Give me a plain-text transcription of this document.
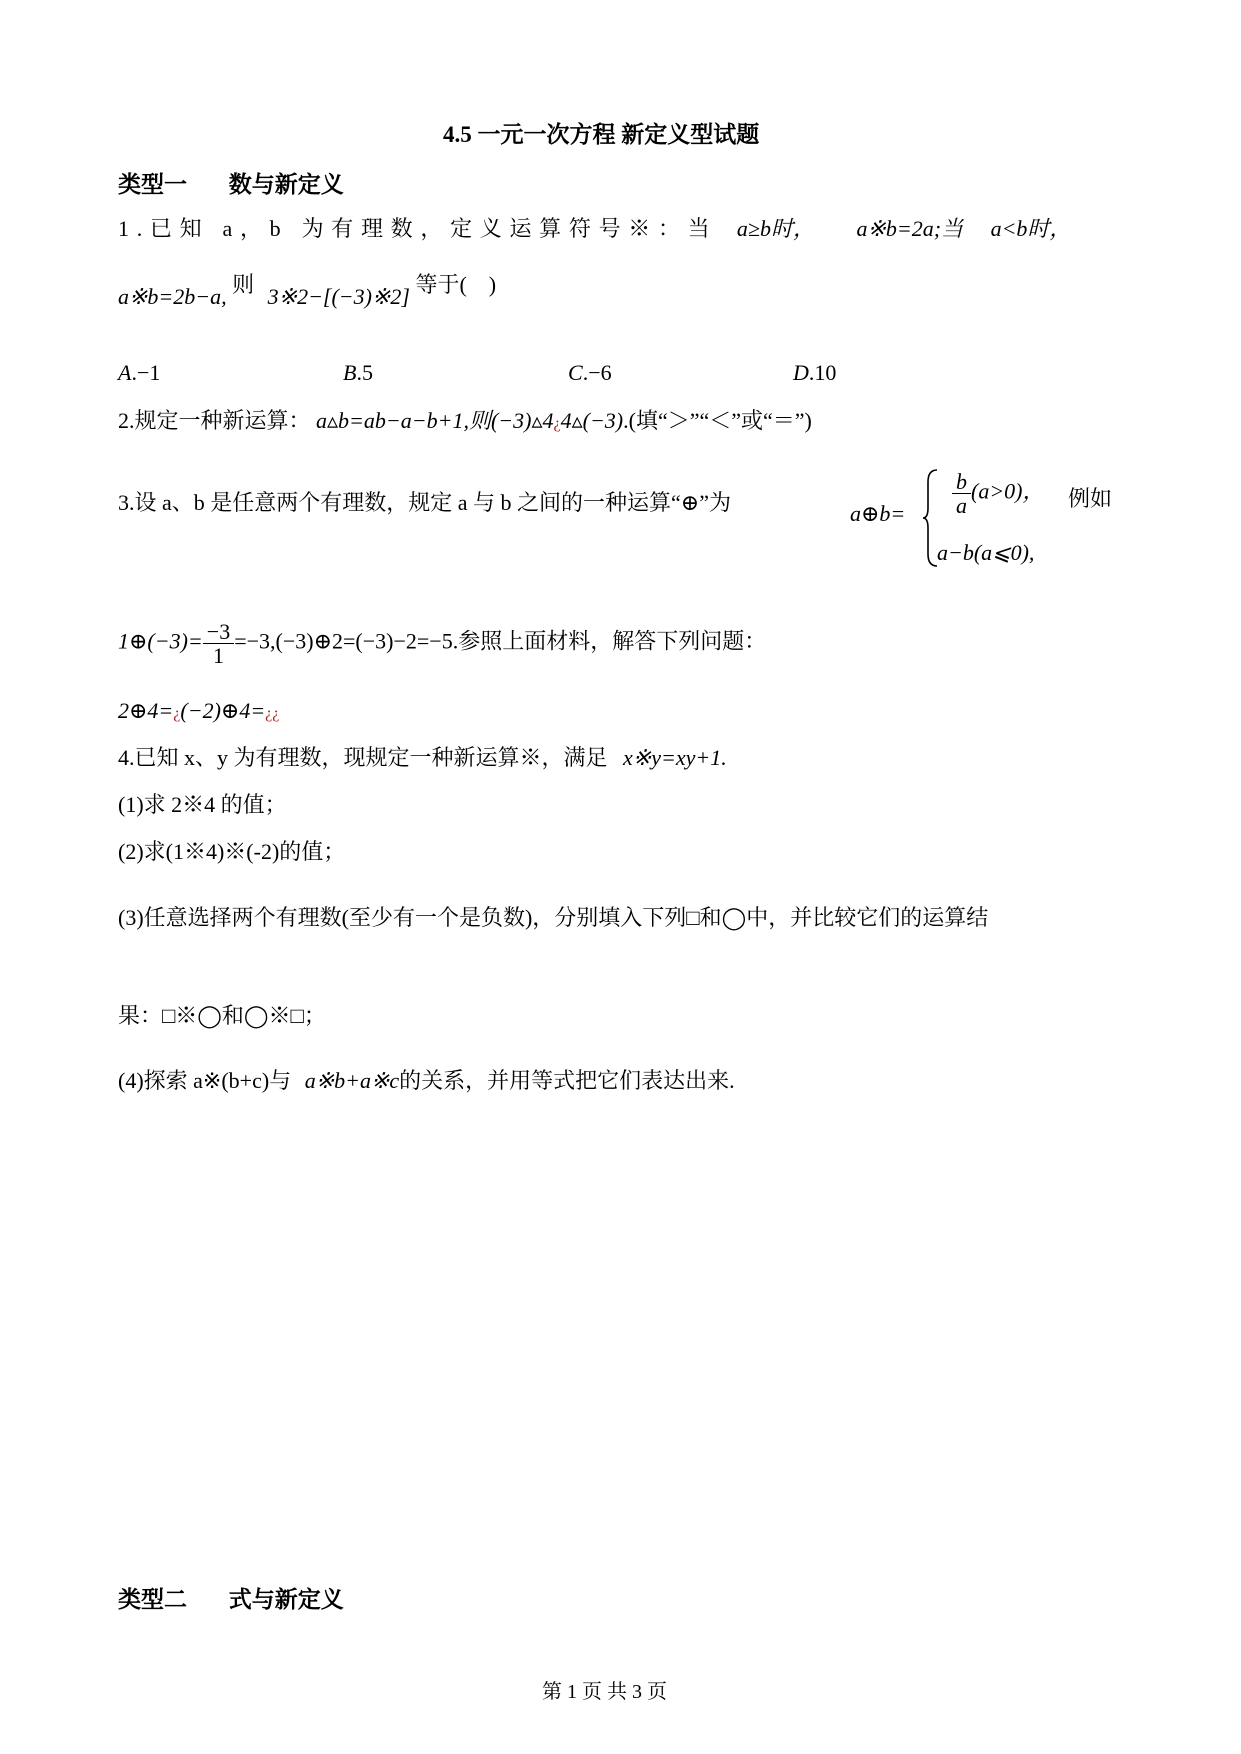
4.5 一元一次方程 新定义型试题
类型一 数与新定义
1.已知 a，b 为有理数，定义运算符号※：当 a≥b时， a※b=2a;当 a<b时，
a※b=2b−a, 则 3※2−[(−3)※2] 等于(　)
A.−1	B.5	C.−6	D.10
2.规定一种新运算： a▵b=ab−a−b+1,则(−3)▵4¿4▵(−3).(填“＞”“＜”或“＝”)
3.设 a、b 是任意两个有理数，规定 a 与 b 之间的一种运算“⊕”为	a⊕b= $\frac{b}{a} (a>0)$， 例如
a−b(a⩽0),
1⊕(−3)= $\frac{-3}{1}$ =−3,(−3)⊕2=(−3)−2=−5.参照上面材料，解答下列问题：
2⊕4=¿(−2)⊕4=¿¿
4.已知 x、y 为有理数，现规定一种新运算※，满足 x※y=xy+1.
(1)求 2※4 的值；
(2)求(1※4)※(-2)的值；
(3)任意选择两个有理数(至少有一个是负数)，分别填入下列□和◯中，并比较它们的运算结
果：□※◯和◯※□；
(4)探索 a※(b+c)与 a※b+a※c的关系，并用等式把它们表达出来.
类型二 式与新定义
第 1 页 共 3 页
